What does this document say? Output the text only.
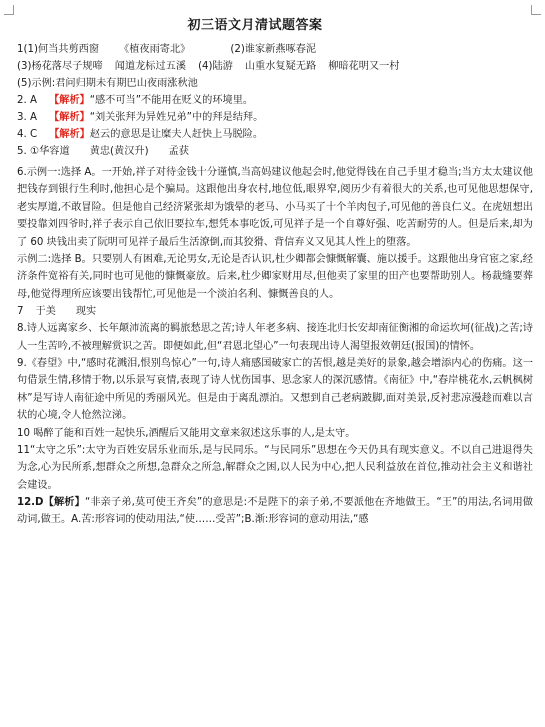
初三语文月清试题答案
1(1)何当共剪西窗 《植夜雨寄北》	(2)谁家新燕啄春泥
(3)杨花落尽子规啼 闻道龙标过五溪 (4)陆游 山重水复疑无路 柳暗花明又一村
(5)示例:君问归期未有期巴山夜雨涨秋池
2. A 【解析】“感不可当”不能用在贬义的环境里。
3. A 【解析】“刘关张拜为异姓兄弟”中的拜是结拜。
4. C 【解析】赵云的意思是让糜夫人赶快上马脱险。
5. ①华容道 黄忠(黄汉升) 孟获
6.示例一:选择 A。一开始,祥子对待金钱十分谨慎,当高妈建议他起会时,他觉得钱在自己手里才稳当;当方太太建议他把钱存到银行生利时,他担心是个骗局。这跟他出身农村,地位低,眼界窄,阅历少有着很大的关系,也可见他思想保守,老实厚道,不敢冒险。但是他自己经济紧张却为饿晕的老马、小马买了十个羊肉包子,可见他的善良仁义。在虎妞想出要投靠刘四爷时,祥子表示自己依旧要拉车,想凭本事吃饭,可见祥子是一个自尊好强、吃苦耐劳的人。但是后来,却为了 60 块钱出卖了阮明可见祥子最后生活潦倒,而其狡猾、背信弃义又见其人性上的堕落。
示例二:选择 B。只要别人有困难,无论男女,无论是否认识,杜少卿都会慷慨解囊、施以援手。这跟他出身官宦之家,经济条件宽裕有关,同时也可见他的慷慨豪放。后来,杜少卿家财用尽,但他卖了家里的田产也要帮助别人。杨裁缝要葬母,他觉得理所应该要出钱帮忙,可见他是一个淡泊名利、慷慨善良的人。
7 于美 现实
8.诗人远离家乡、长年颠沛流离的羁旅愁思之苦;诗人年老多病、接连北归长安却南征衡湘的命运坎坷(征战)之苦;诗人一生苦吟,不被理解赏识之苦。即便如此,但“君恩北望心”一句表现出诗人渴望报效朝廷(报国)的情怀。
9.《春望》中,“感时花溅泪,恨别鸟惊心”一句,诗人痛感国破家亡的苦恨,越是美好的景象,越会增添内心的伤痛。这一句借景生情,移情于物,以乐景写哀情,表现了诗人忧伤国事、思念家人的深沉感情。《南征》中,“春岸桃花水,云帆枫树林”是写诗人南征途中所见的秀丽风光。但是由于离乱漂泊。又想到自己老病跛脚,面对美景,反衬悲凉漫趁而难以言状的心境,令人怆然泣涕。
10 喝醉了能和百姓一起快乐,酒醒后又能用文章来叙述这乐事的人,是太守。
11“太守之乐”:太守为百姓安居乐业而乐,是与民同乐。“与民同乐”思想在今天仍具有现实意义。不以自己进退得失为念,心为民所系,想群众之所想,急群众之所急,解群众之困,以人民为中心,把人民利益放在首位,推动社会主义和谐社会建设。
12.D【解析】“非亲子弟,莫可使王齐矣”的意思是:不是陛下的亲子弟,不要派他在齐地做王。“王”的用法,名词用做动词,做王。A.苦:形容词的使动用法,“使……受苦”;B.渐:形容词的意动用法,“感
